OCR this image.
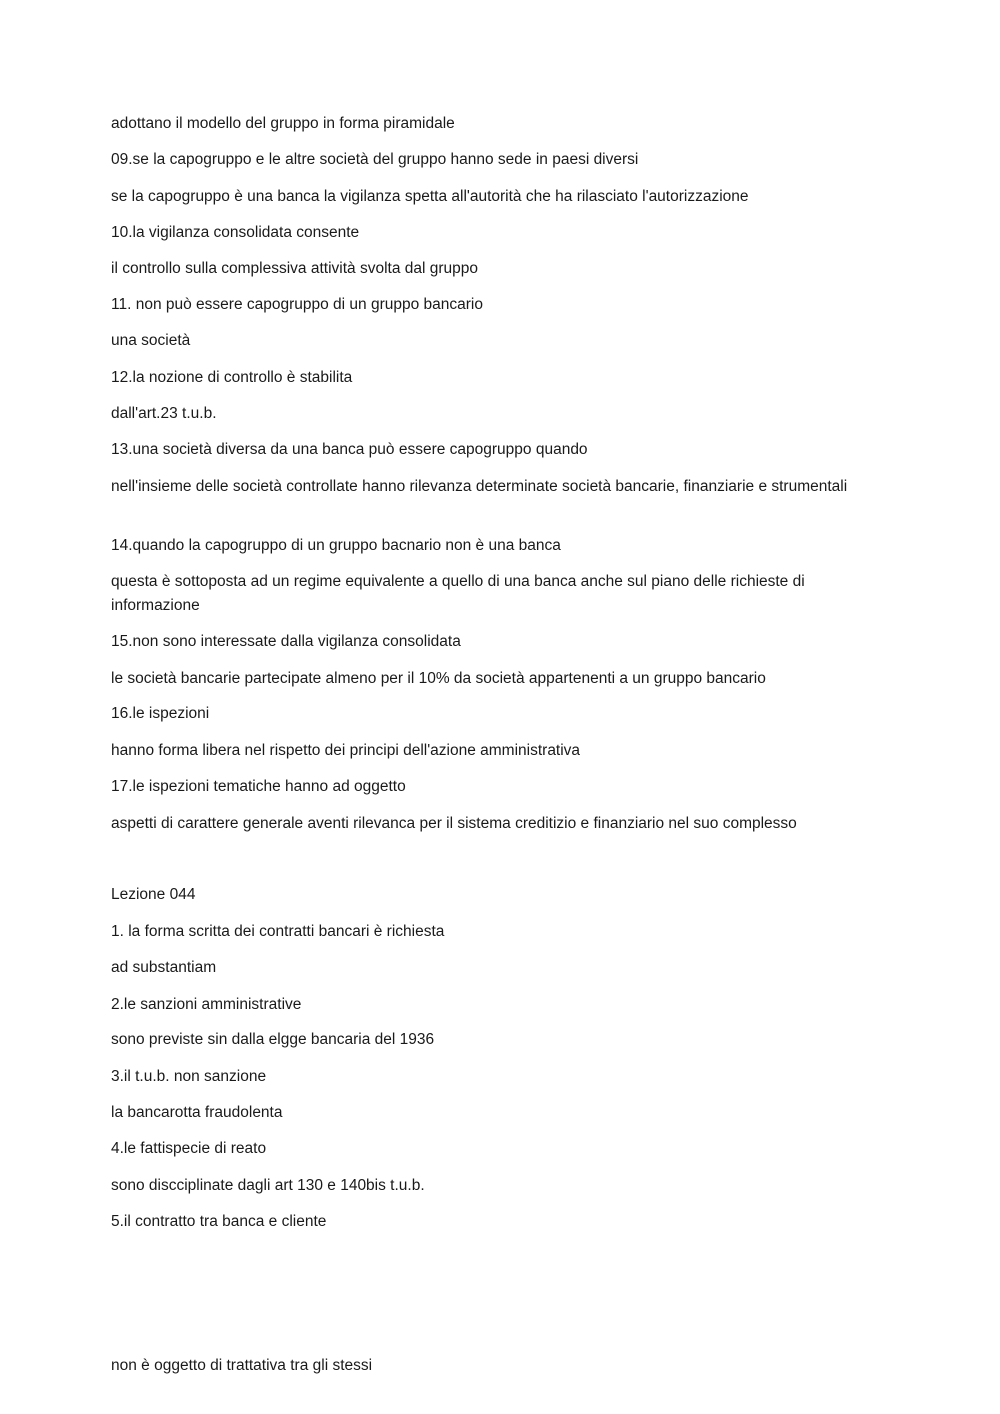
adottano il modello del gruppo in forma piramidale
09.se la capogruppo e le altre società del gruppo hanno sede in paesi diversi
se la capogruppo è una banca la vigilanza spetta all'autorità che ha rilasciato l'autorizzazione
10.la vigilanza consolidata consente
il controllo sulla complessiva attività svolta dal gruppo
11. non può essere capogruppo di un gruppo bancario
una società
12.la nozione di controllo è stabilita
dall'art.23 t.u.b.
13.una società diversa da una banca può essere capogruppo quando
nell'insieme delle società controllate hanno rilevanza determinate società bancarie, finanziarie e strumentali
14.quando la capogruppo di un gruppo bacnario non è una banca
questa è sottoposta ad un regime equivalente a quello di una banca anche sul piano delle richieste di informazione
15.non sono interessate dalla vigilanza consolidata
le società bancarie partecipate almeno per il 10% da società appartenenti a un gruppo bancario
16.le ispezioni
hanno forma libera nel rispetto dei principi dell'azione amministrativa
17.le ispezioni tematiche hanno ad oggetto
aspetti di carattere generale aventi rilevanca per il sistema creditizio e finanziario nel suo complesso
Lezione 044
1. la forma scritta dei contratti bancari è richiesta
ad substantiam
2.le sanzioni amministrative
sono previste sin dalla elgge bancaria del 1936
3.il t.u.b. non sanzione
la bancarotta fraudolenta
4.le fattispecie di reato
sono discciplinate dagli art 130 e 140bis t.u.b.
5.il contratto tra banca e cliente
non è oggetto di trattativa tra gli stessi
